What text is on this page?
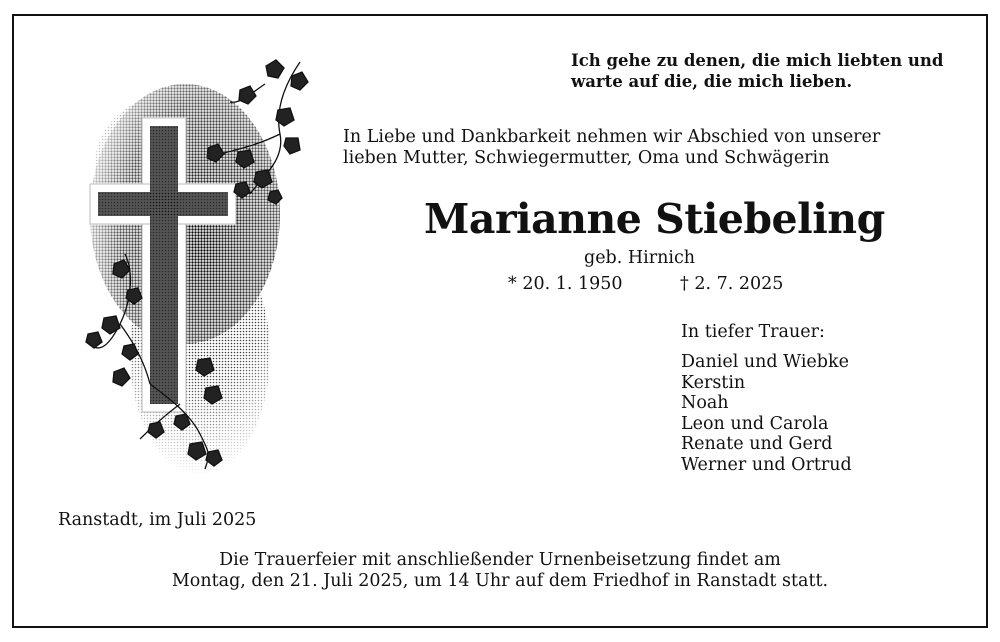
Ich gehe zu denen, die mich liebten und
warte auf die, die mich lieben.
In Liebe und Dankbarkeit nehmen wir Abschied von unserer
lieben Mutter, Schwiegermutter, Oma und Schwägerin
Marianne Stiebeling
geb. Hirnich
* 20. 1. 1950	† 2. 7. 2025
In tiefer Trauer:
Daniel und Wiebke
Kerstin
Noah
Leon und Carola
Renate und Gerd
Werner und Ortrud
Ranstadt, im Juli 2025
Die Trauerfeier mit anschließender Urnenbeisetzung findet am
Montag, den 21. Juli 2025, um 14 Uhr auf dem Friedhof in Ranstadt statt.
